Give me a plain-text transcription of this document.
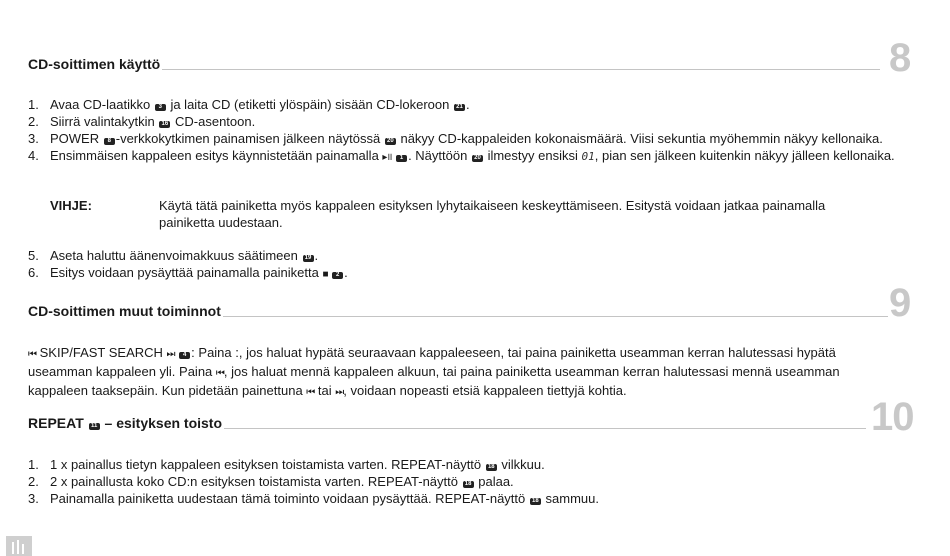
CD-soittimen käyttö	8
1. Avaa CD-laatikko 3 ja laita CD (etiketti ylöspäin) sisään CD-lokeroon 21 .
2. Siirrä valintakytkin 16 CD-asentoon.
3. POWER 8 -verkkokytkimen painamisen jälkeen näytössä 20 näkyy CD-kappaleiden kokonaismäärä. Viisi sekuntia myöhemmin näkyy kellonaika.
4. Ensimmäisen kappaleen esitys käynnistetään painamalla ▸॥ 1 . Näyttöön 20 ilmestyy ensiksi 01, pian sen jälkeen kuitenkin näkyy jälleen kellonaika.
VIHJE:	Käytä tätä painiketta myös kappaleen esityksen lyhytaikaiseen keskeyttämiseen. Esitystä voidaan jatkaa painamalla painiketta uudestaan.
5. Aseta haluttu äänenvoimakkuus säätimeen 19 .
6. Esitys voidaan pysäyttää painamalla painiketta ■ 2 .
CD-soittimen muut toiminnot	9
⏮ SKIP/FAST SEARCH ⏭ 4 : Paina :, jos haluat hypätä seuraavaan kappaleeseen, tai paina painiketta useamman kerran halutessasi hypätä useamman kappaleen yli. Paina ⏮, jos haluat mennä kappaleen alkuun, tai paina painiketta useamman kerran halutessasi mennä useamman kappaleen taaksepäin. Kun pidetään painettuna ⏮ tai ⏭, voidaan nopeasti etsiä kappaleen tiettyjä kohtia.
REPEAT 11 – esityksen toisto	10
1. 1 x painallus tietyn kappaleen esityksen toistamista varten. REPEAT-näyttö 18 vilkkuu.
2. 2 x painallusta koko CD:n esityksen toistamista varten. REPEAT-näyttö 18 palaa.
3. Painamalla painiketta uudestaan tämä toiminto voidaan pysäyttää. REPEAT-näyttö 18 sammuu.
